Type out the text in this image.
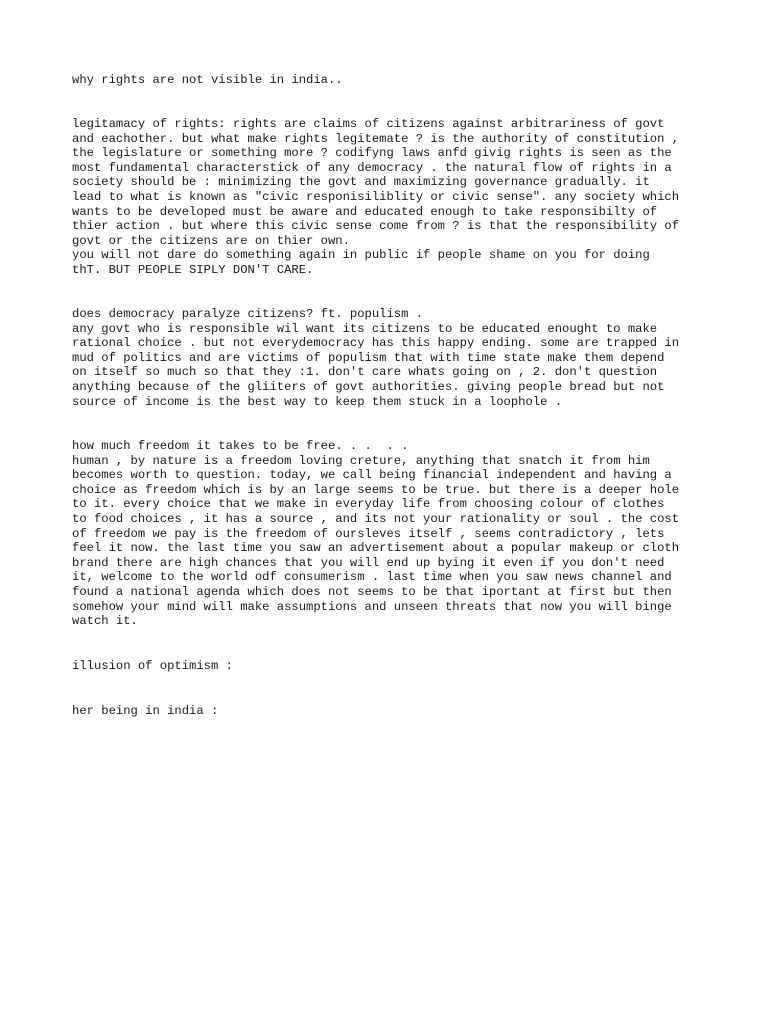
why rights are not visible in india..

legitamacy of rights: rights are claims of citizens against arbitrariness of govt

and eachother. but what make rights legitemate ? is the authority of constitution ,

the legislature or something more ? codifyng laws anfd givig rights is seen as the

most fundamental characterstick of any democracy . the natural flow of rights in a

society should be : minimizing the govt and maximizing governance gradually. it

lead to what is known as "civic responisiliblity or civic sense". any society which

wants to be developed must be aware and educated enough to take responsibilty of

thier action . but where this civic sense come from ? is that the responsibility of

govt or the citizens are on thier own.

you will not dare do something again in public if people shame on you for doing

thT. BUT PEOPLE SIPLY DON'T CARE.

does democracy paralyze citizens? ft. populism .

any govt who is responsible wil want its citizens to be educated enought to make

rational choice . but not everydemocracy has this happy ending. some are trapped in

mud of politics and are victims of populism that with time state make them depend

on itself so much so that they :1. don't care whats going on , 2. don't question

anything because of the gliiters of govt authorities. giving people bread but not

source of income is the best way to keep them stuck in a loophole .

how much freedom it takes to be free. . .  . .

human , by nature is a freedom loving creture, anything that snatch it from him

becomes worth to question. today, we call being financial independent and having a

choice as freedom which is by an large seems to be true. but there is a deeper hole

to it. every choice that we make in everyday life from choosing colour of clothes

to food choices , it has a source , and its not your rationality or soul . the cost

of freedom we pay is the freedom of oursleves itself , seems contradictory , lets

feel it now. the last time you saw an advertisement about a popular makeup or cloth

brand there are high chances that you will end up bying it even if you don't need

it, welcome to the world odf consumerism . last time when you saw news channel and

found a national agenda which does not seems to be that iportant at first but then

somehow your mind will make assumptions and unseen threats that now you will binge

watch it.

illusion of optimism :

her being in india :
